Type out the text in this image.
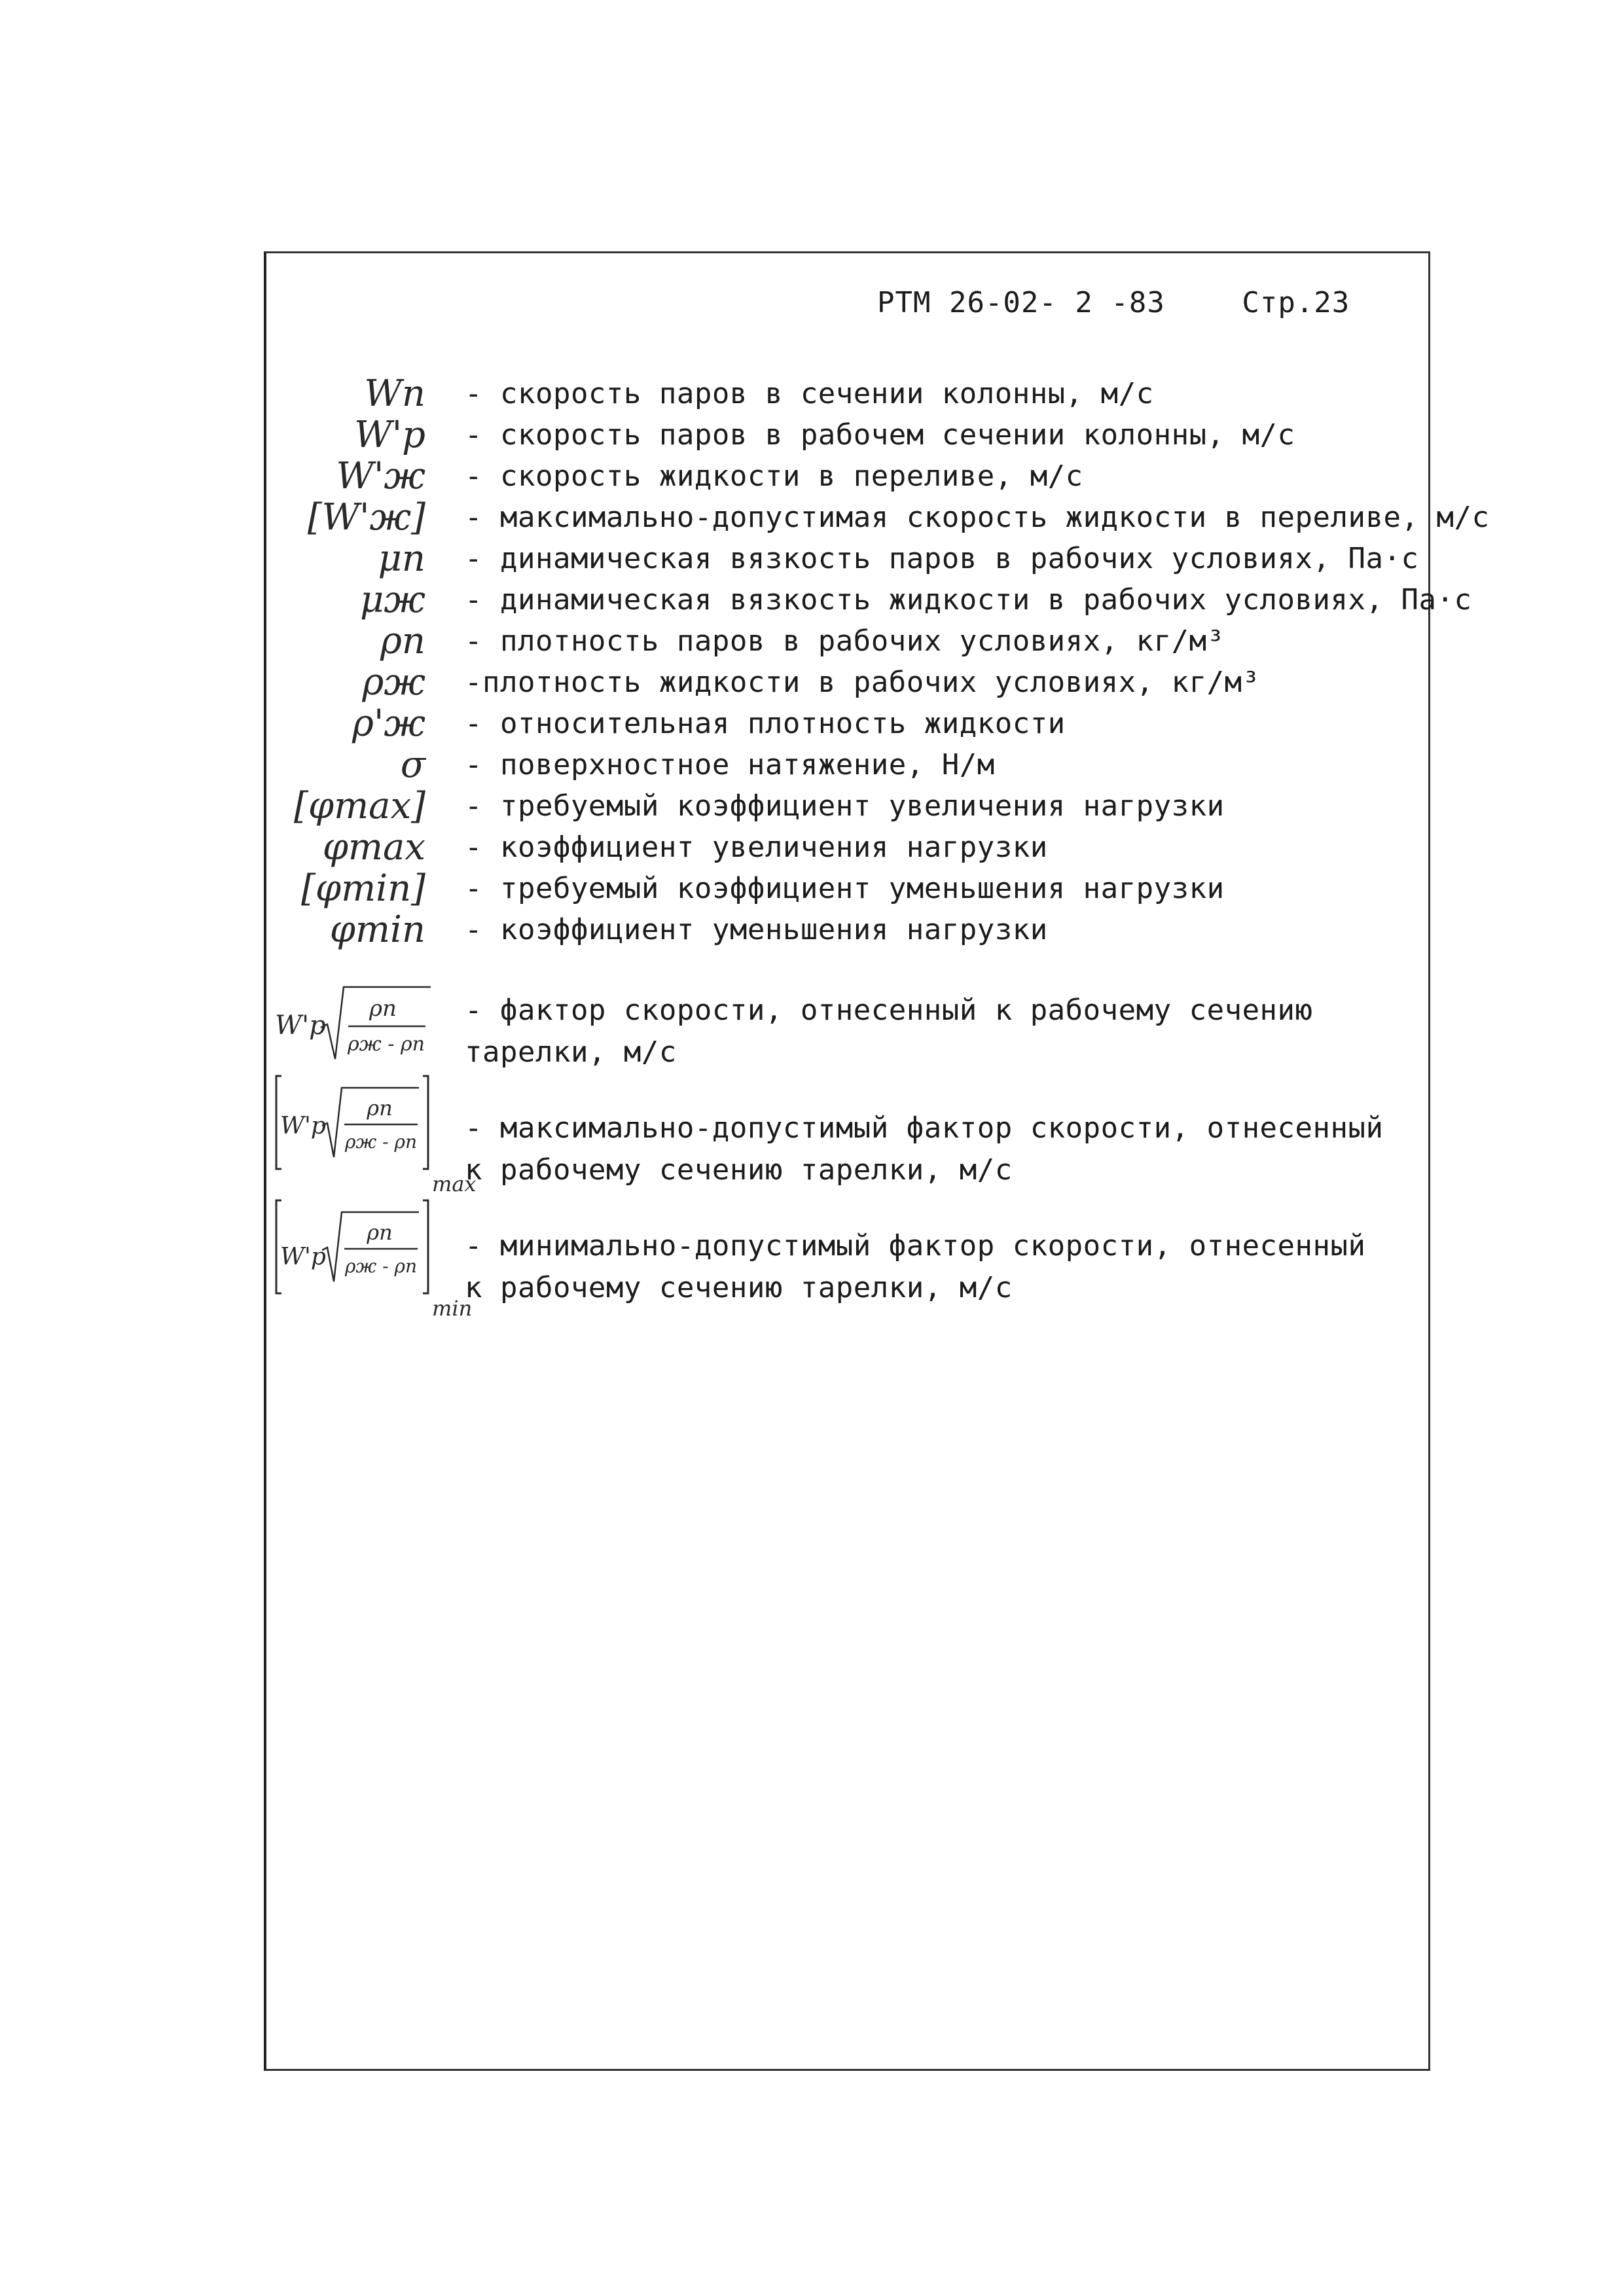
РТМ 26-02- 2 -83	Стр.23
Wп - скорость паров в сечении колонны, м/с
W'р - скорость паров в рабочем сечении колонны, м/с
W'ж - скорость жидкости в переливе, м/с
[W'ж] - максимально-допустимая скорость жидкости в переливе, м/с
μп - динамическая вязкость паров в рабочих условиях, Па·с
μж - динамическая вязкость жидкости в рабочих условиях, Па·с
ρп - плотность паров в рабочих условиях, кг/м³
ρж -плотность жидкости в рабочих условиях, кг/м³
ρ'ж - относительная плотность жидкости
σ - поверхностное натяжение, Н/м
[φmax] - требуемый коэффициент увеличения нагрузки
φmax - коэффициент увеличения нагрузки
[φmin] - требуемый коэффициент уменьшения нагрузки
φmin - коэффициент уменьшения нагрузки
W'р
ρп
ρж - ρп
- фактор скорости, отнесенный к рабочему сечению
тарелки, м/с
W'р
ρп
ρж - ρп
max
- максимально-допустимый фактор скорости, отнесенный
к рабочему сечению тарелки, м/с
W'р
ρп
ρж - ρп
min
- минимально-допустимый фактор скорости, отнесенный
к рабочему сечению тарелки, м/с
